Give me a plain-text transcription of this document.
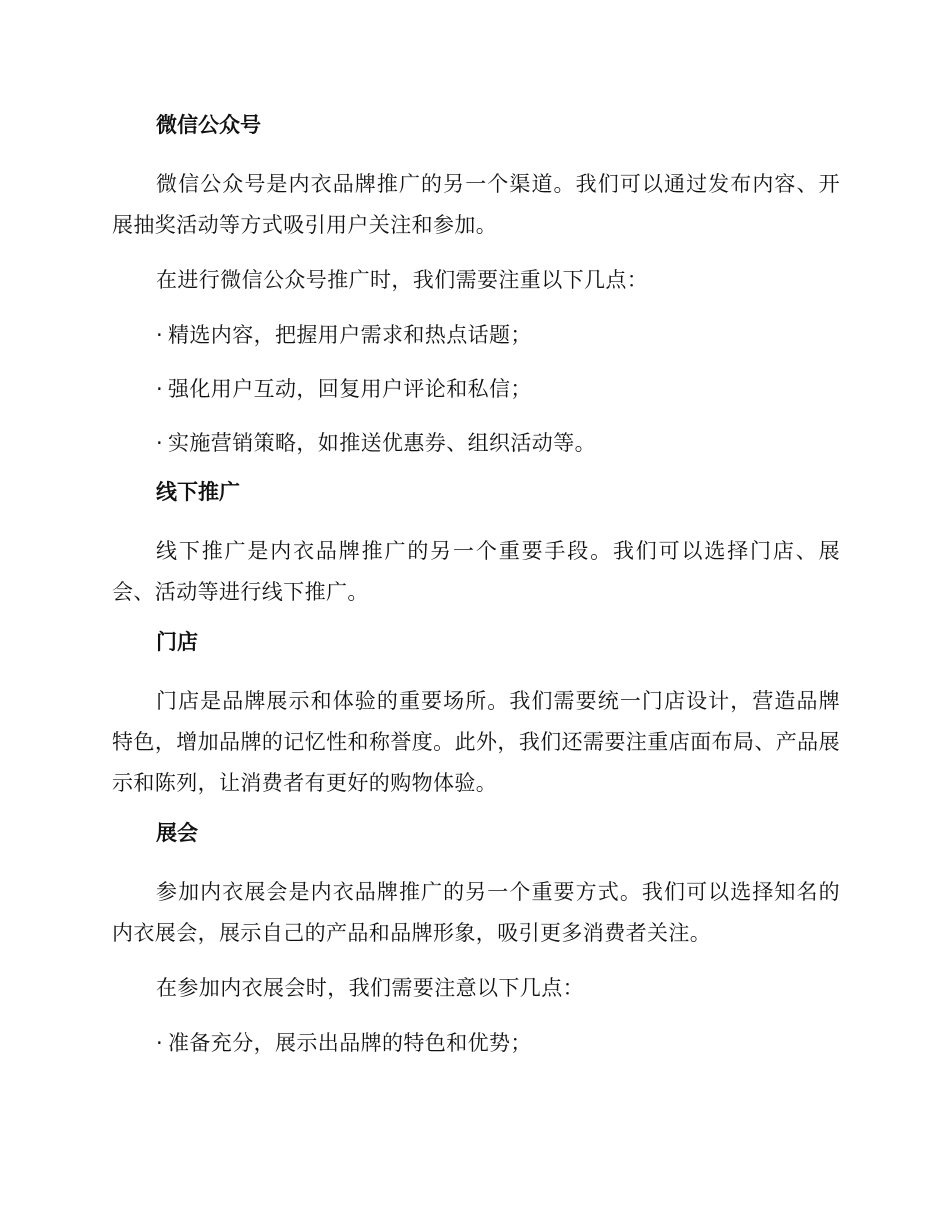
微信公众号

微信公众号是内衣品牌推广的另一个渠道。我们可以通过发布内容、开展抽奖活动等方式吸引用户关注和参加。

在进行微信公众号推广时，我们需要注重以下几点：

· 精选内容，把握用户需求和热点话题；
· 强化用户互动，回复用户评论和私信；
· 实施营销策略，如推送优惠券、组织活动等。
线下推广

线下推广是内衣品牌推广的另一个重要手段。我们可以选择门店、展会、活动等进行线下推广。

门店

门店是品牌展示和体验的重要场所。我们需要统一门店设计，营造品牌特色，增加品牌的记忆性和称誉度。此外，我们还需要注重店面布局、产品展示和陈列，让消费者有更好的购物体验。

展会

参加内衣展会是内衣品牌推广的另一个重要方式。我们可以选择知名的内衣展会，展示自己的产品和品牌形象，吸引更多消费者关注。

在参加内衣展会时，我们需要注意以下几点：

· 准备充分，展示出品牌的特色和优势；
